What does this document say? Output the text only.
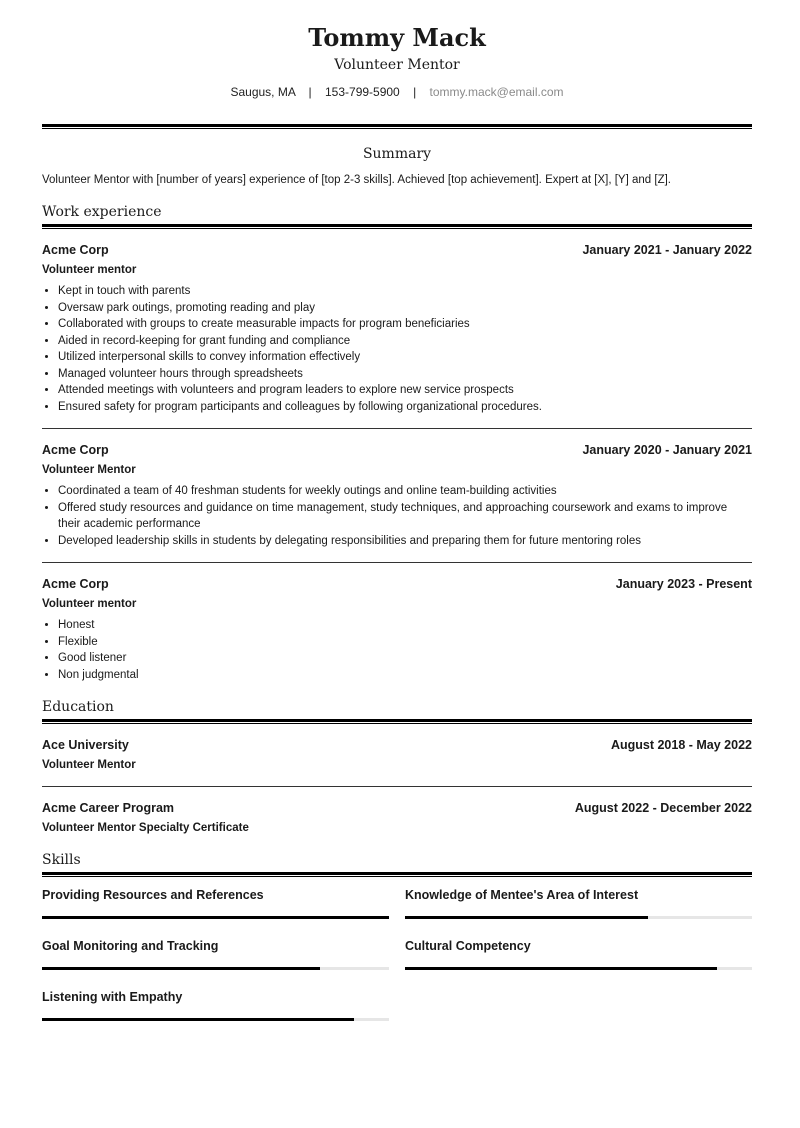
Tommy Mack
Volunteer Mentor
Saugus, MA | 153-799-5900 | tommy.mack@email.com
Summary
Volunteer Mentor with [number of years] experience of [top 2-3 skills]. Achieved [top achievement]. Expert at [X], [Y] and [Z].
Work experience
Acme Corp	January 2021 - January 2022
Volunteer mentor
• Kept in touch with parents
• Oversaw park outings, promoting reading and play
• Collaborated with groups to create measurable impacts for program beneficiaries
• Aided in record-keeping for grant funding and compliance
• Utilized interpersonal skills to convey information effectively
• Managed volunteer hours through spreadsheets
• Attended meetings with volunteers and program leaders to explore new service prospects
• Ensured safety for program participants and colleagues by following organizational procedures.
Acme Corp	January 2020 - January 2021
Volunteer Mentor
• Coordinated a team of 40 freshman students for weekly outings and online team-building activities
• Offered study resources and guidance on time management, study techniques, and approaching coursework and exams to improve their academic performance
• Developed leadership skills in students by delegating responsibilities and preparing them for future mentoring roles
Acme Corp	January 2023 - Present
Volunteer mentor
• Honest
• Flexible
• Good listener
• Non judgmental
Education
Ace University	August 2018 - May 2022
Volunteer Mentor
Acme Career Program	August 2022 - December 2022
Volunteer Mentor Specialty Certificate
Skills
Providing Resources and References	Knowledge of Mentee's Area of Interest
Goal Monitoring and Tracking	Cultural Competency
Listening with Empathy
